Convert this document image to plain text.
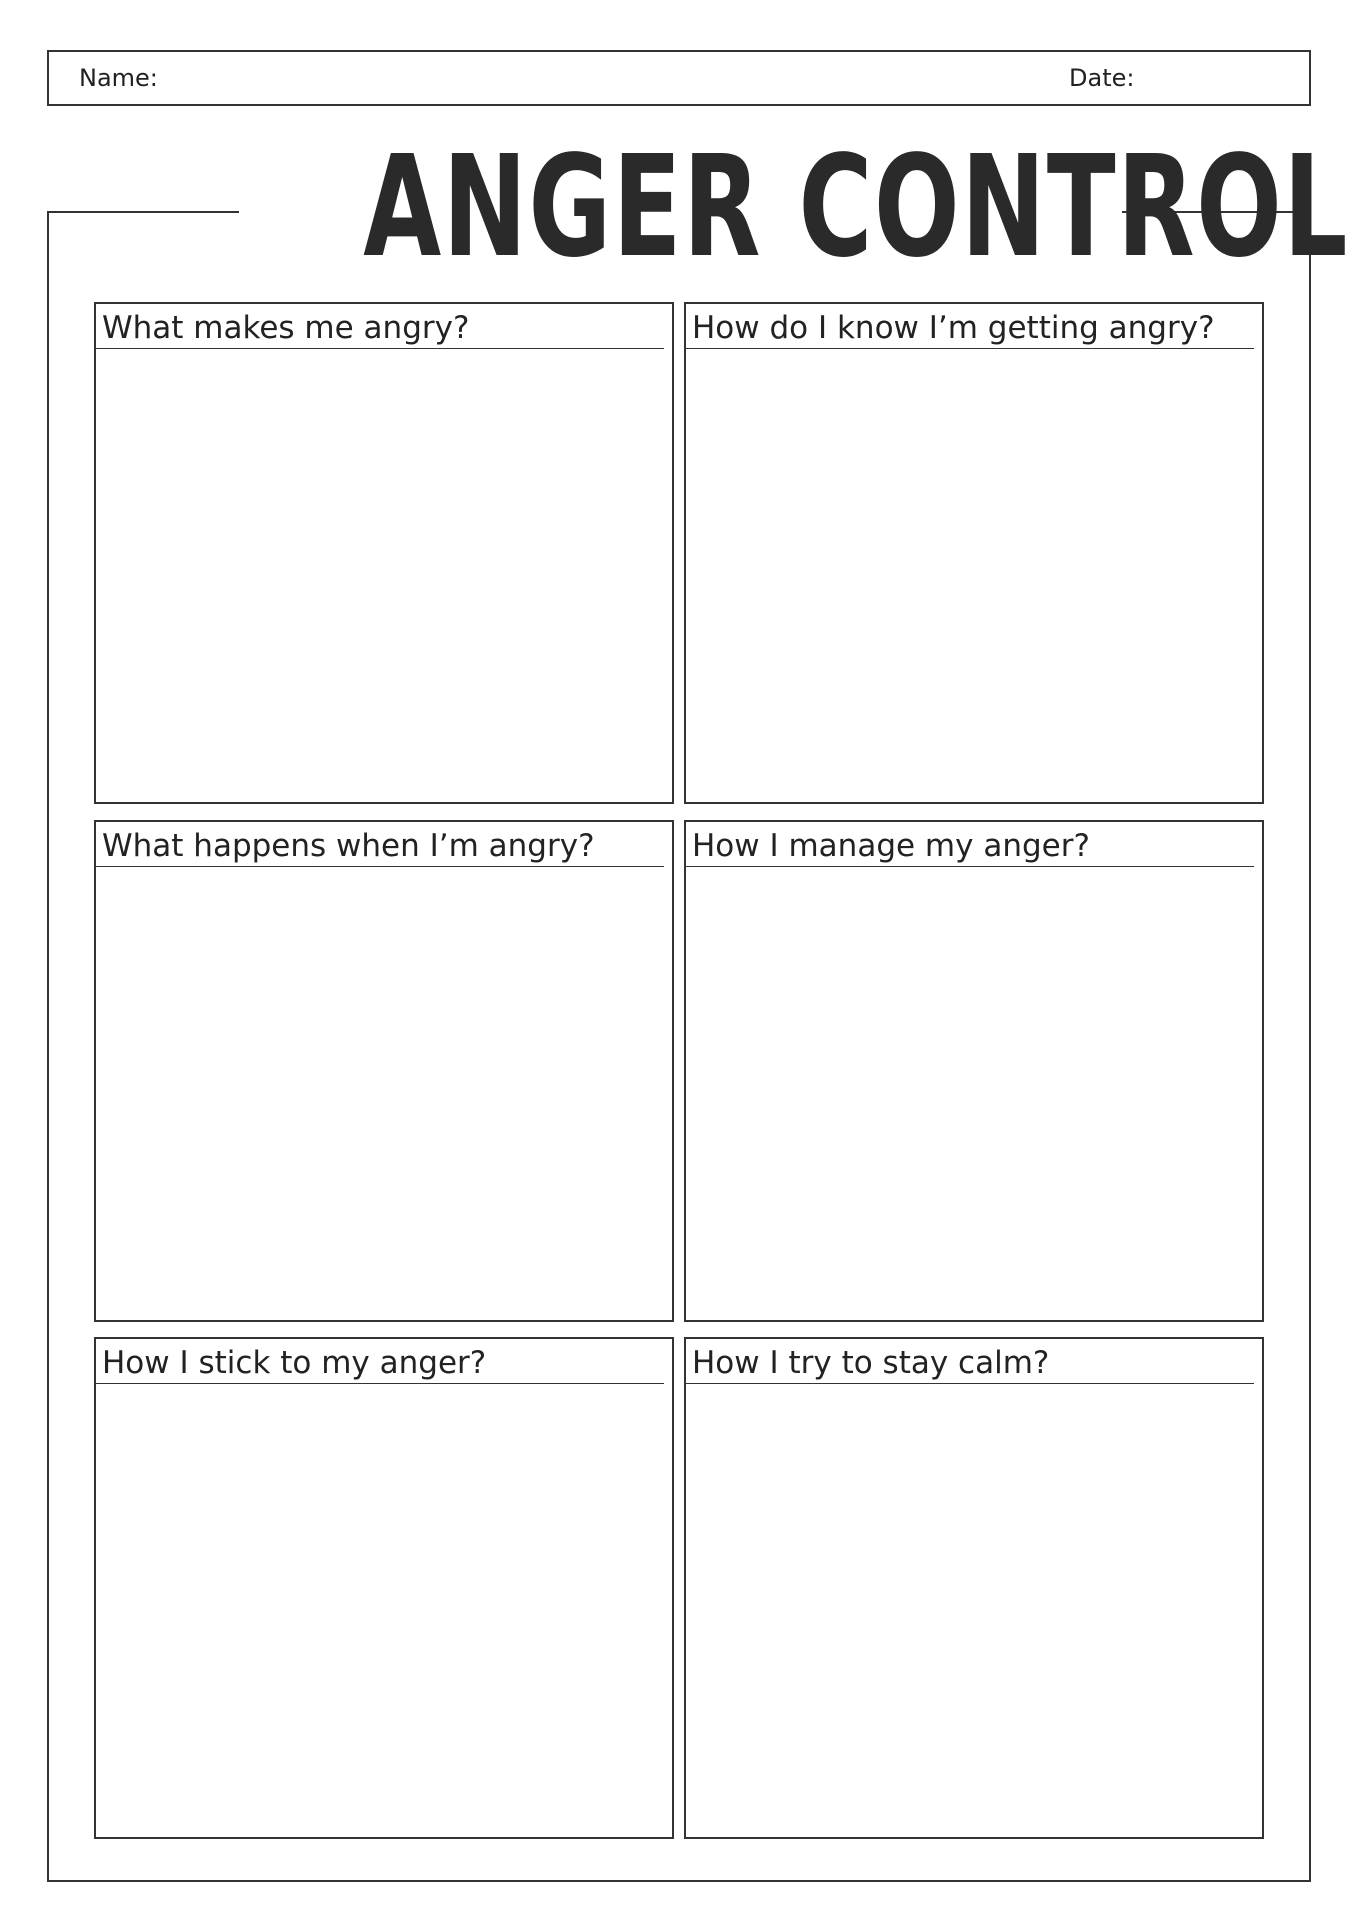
Name:	Date:
ANGER CONTROL
What makes me angry?	How do I know I’m getting angry?
What happens when I’m angry?	How I manage my anger?
How I stick to my anger?	How I try to stay calm?
